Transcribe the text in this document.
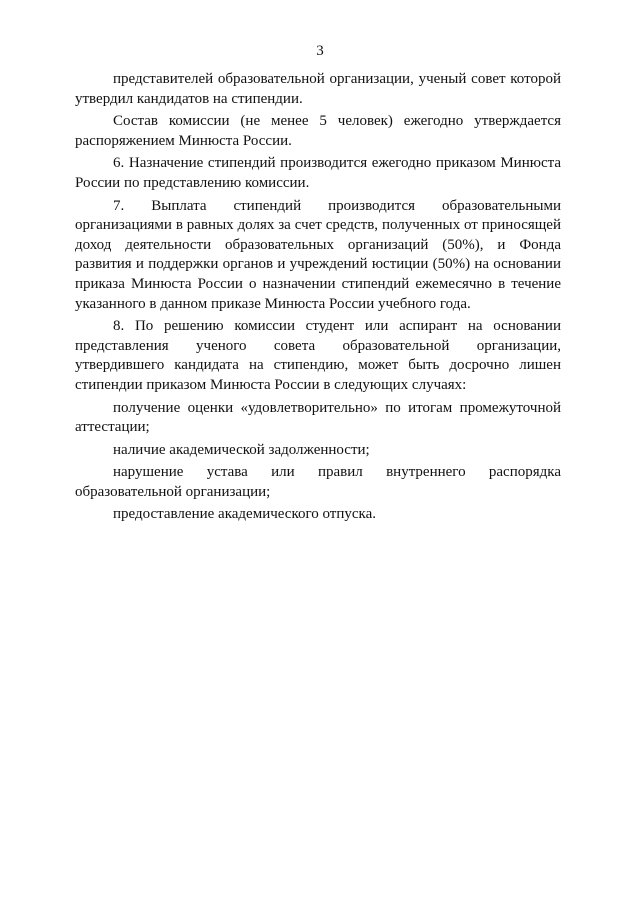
3
представителей образовательной организации, ученый совет которой
утвердил кандидатов на стипендии.
Состав комиссии (не менее 5 человек) ежегодно утверждается
распоряжением Минюста России.
6. Назначение стипендий производится ежегодно приказом Минюста
России по представлению комиссии.
7. Выплата стипендий производится образовательными
организациями в равных долях за счет средств, полученных от приносящей
доход деятельности образовательных организаций (50%), и Фонда
развития и поддержки органов и учреждений юстиции (50%) на основании
приказа Минюста России о назначении стипендий ежемесячно в течение
указанного в данном приказе Минюста России учебного года.
8. По решению комиссии студент или аспирант на основании
представления ученого совета образовательной организации,
утвердившего кандидата на стипендию, может быть досрочно лишен
стипендии приказом Минюста России в следующих случаях:
получение оценки «удовлетворительно» по итогам промежуточной
аттестации;
наличие академической задолженности;
нарушение устава или правил внутреннего распорядка
образовательной организации;
предоставление академического отпуска.
